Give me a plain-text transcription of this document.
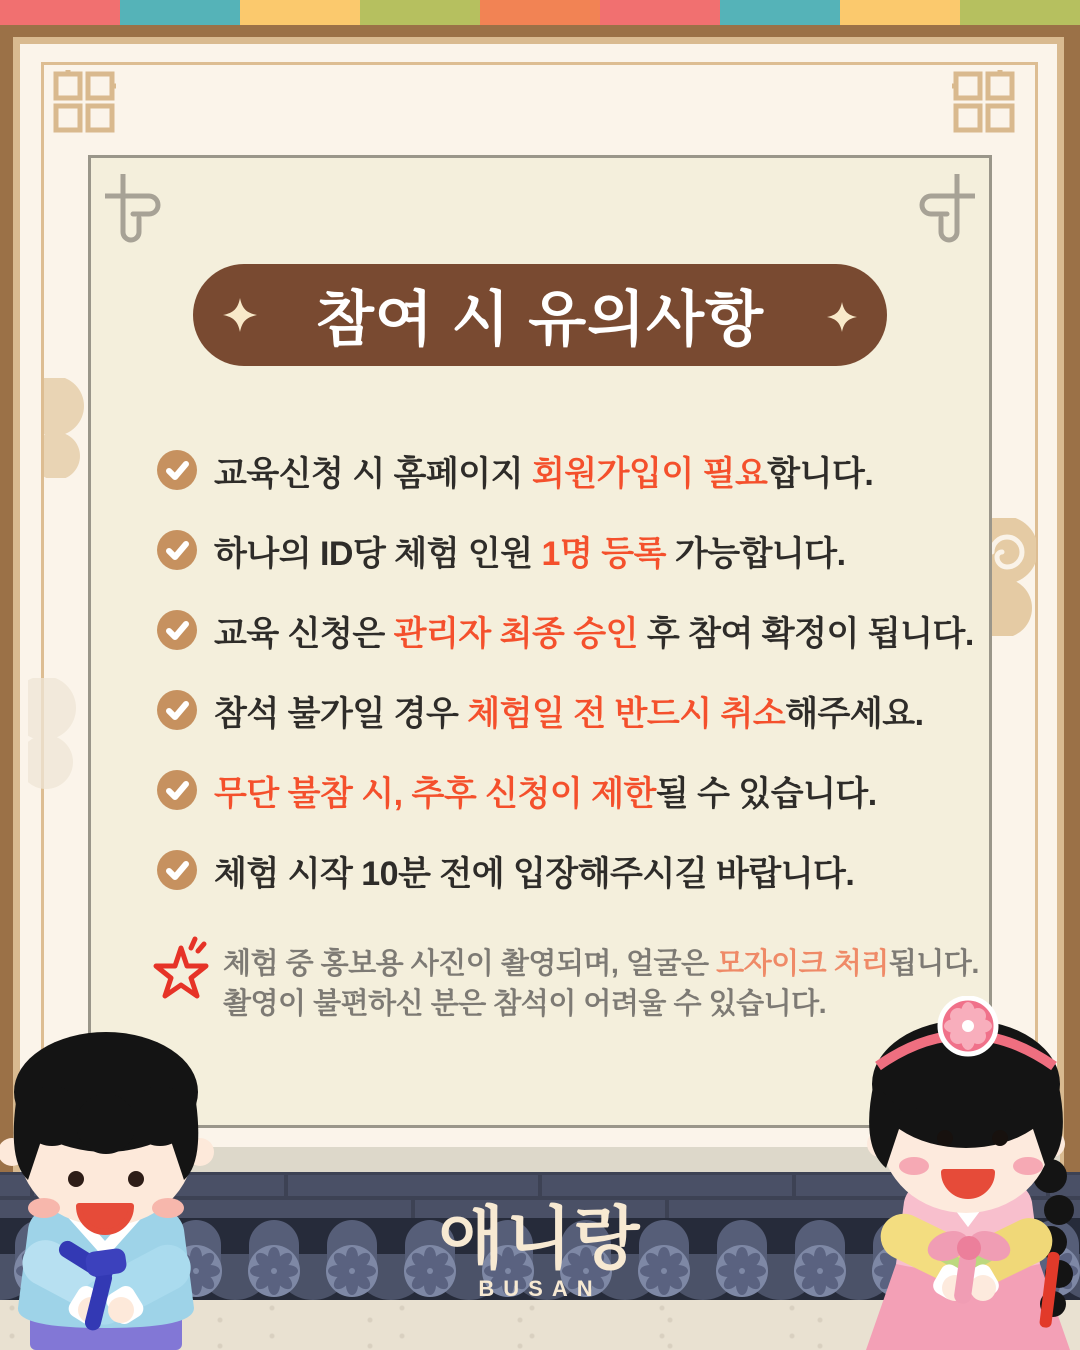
참여 시 유의사항

교육신청 시 홈페이지 회원가입이 필요합니다.

하나의 ID당 체험 인원 1명 등록 가능합니다.

교육 신청은 관리자 최종 승인 후 참여 확정이 됩니다.

참석 불가일 경우 체험일 전 반드시 취소해주세요.

무단 불참 시, 추후 신청이 제한될 수 있습니다.

체험 시작 10분 전에 입장해주시길 바랍니다.

체험 중 홍보용 사진이 촬영되며, 얼굴은 모자이크 처리됩니다.

촬영이 불편하신 분은 참석이 어려울 수 있습니다.

애니랑
BUSAN
